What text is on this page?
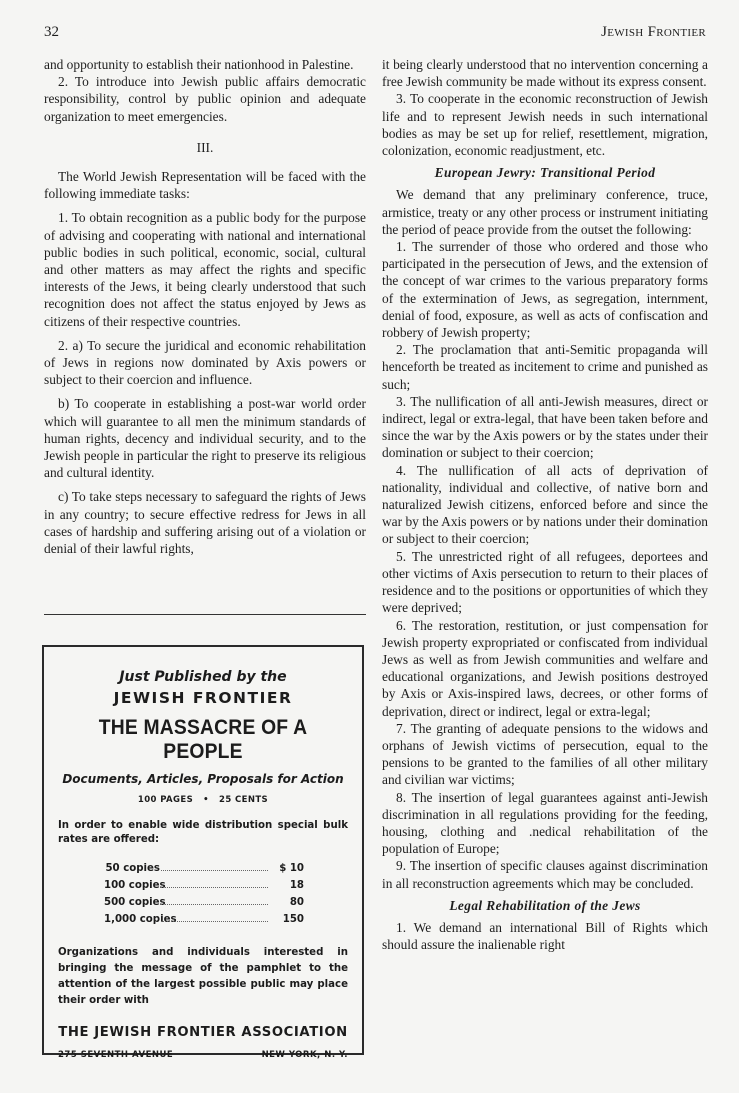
32	Jewish Frontier

and opportunity to establish their nationhood in Palestine.

2. To introduce into Jewish public affairs democratic responsibility, control by public opinion and adequate organization to meet emergencies.

III.

The World Jewish Representation will be faced with the following immediate tasks:

1. To obtain recognition as a public body for the purpose of advising and cooperating with national and international public bodies in such political, economic, social, cultural and other matters as may affect the rights and specific interests of the Jews, it being clearly understood that such recognition does not affect the status enjoyed by Jews as citizens of their respective countries.

2. a) To secure the juridical and economic rehabilitation of Jews in regions now dominated by Axis powers or subject to their coercion and influence.

b) To cooperate in establishing a post-war world order which will guarantee to all men the minimum standards of human rights, decency and individual security, and to the Jewish people in particular the right to preserve its religious and cultural identity.

c) To take steps necessary to safeguard the rights of Jews in any country; to secure effective redress for Jews in all cases of hardship and suffering arising out of a violation or denial of their lawful rights,

Just Published by the
JEWISH FRONTIER
THE MASSACRE OF A PEOPLE
Documents, Articles, Proposals for Action
100 PAGES • 25 CENTS
In order to enable wide distribution special bulk rates are offered:
50 copies	$ 10
100 copies	18
500 copies	80
1,000 copies	150
Organizations and individuals interested in bringing the message of the pamphlet to the attention of the largest possible public may place their order with
THE JEWISH FRONTIER ASSOCIATION
275 SEVENTH AVENUE	NEW YORK, N. Y.

it being clearly understood that no intervention concerning a free Jewish community be made without its express consent.

3. To cooperate in the economic reconstruction of Jewish life and to represent Jewish needs in such international bodies as may be set up for relief, resettlement, migration, colonization, economic readjustment, etc.

European Jewry: Transitional Period

We demand that any preliminary conference, truce, armistice, treaty or any other process or instrument initiating the period of peace provide from the outset the following:

1. The surrender of those who ordered and those who participated in the persecution of Jews, and the extension of the concept of war crimes to the various preparatory forms of the extermination of Jews, as segregation, internment, denial of food, exposure, as well as acts of confiscation and robbery of Jewish property;

2. The proclamation that anti-Semitic propaganda will henceforth be treated as incitement to crime and punished as such;

3. The nullification of all anti-Jewish measures, direct or indirect, legal or extra-legal, that have been taken before and since the war by the Axis powers or by the states under their domination or subject to their coercion;

4. The nullification of all acts of deprivation of nationality, individual and collective, of native born and naturalized Jewish citizens, enforced before and since the war by the Axis powers or by nations under their domination or subject to their coercion;

5. The unrestricted right of all refugees, deportees and other victims of Axis persecution to return to their places of residence and to the positions or opportunities of which they were deprived;

6. The restoration, restitution, or just compensation for Jewish property expropriated or confiscated from individual Jews as well as from Jewish communities and welfare and educational organizations, and Jewish positions destroyed by Axis or Axis-inspired laws, decrees, or other forms of deprivation, direct or indirect, legal or extra-legal;

7. The granting of adequate pensions to the widows and orphans of Jewish victims of persecution, equal to the pensions to be granted to the families of all other military and civilian war victims;

8. The insertion of legal guarantees against anti-Jewish discrimination in all regulations providing for the feeding, housing, clothing and .nedical rehabilitation of the population of Europe;

9. The insertion of specific clauses against discrimination in all reconstruction agreements which may be concluded.

Legal Rehabilitation of the Jews

1. We demand an international Bill of Rights which should assure the inalienable right
